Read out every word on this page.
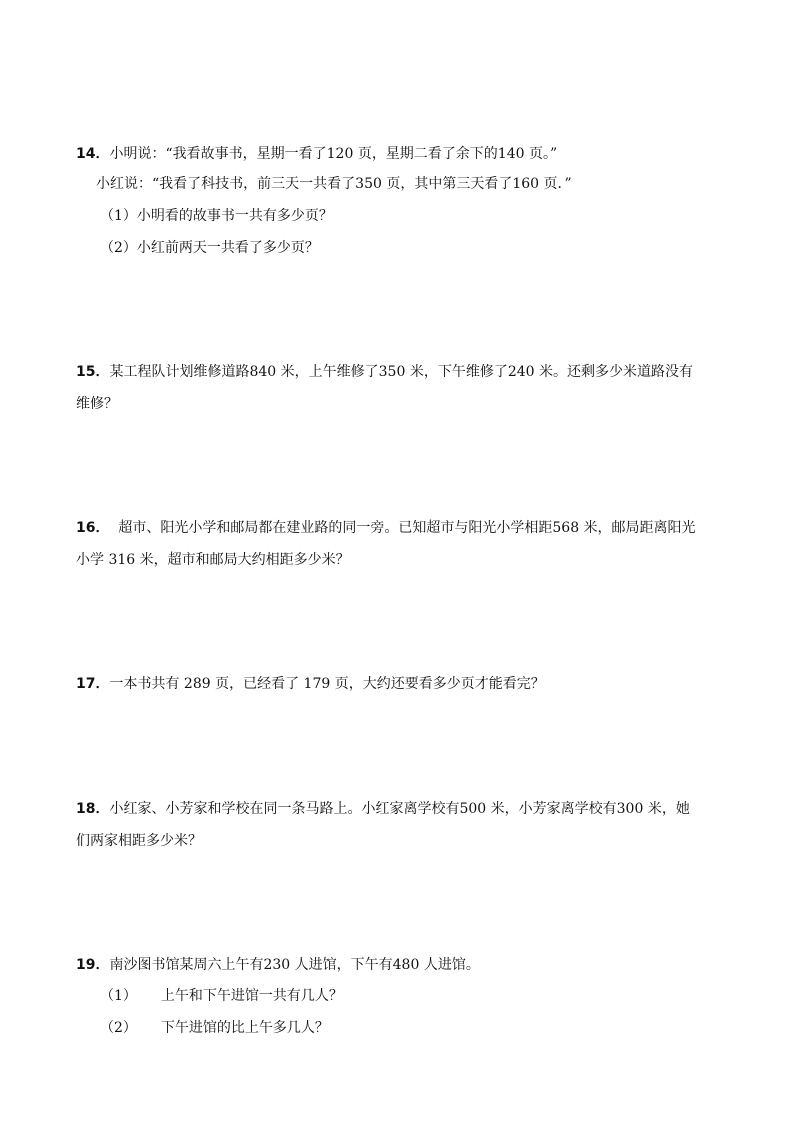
14．小明说：“我看故事书，星期一看了120 页，星期二看了余下的140 页。”
小红说：“我看了科技书，前三天一共看了350 页，其中第三天看了160 页．”
（1）小明看的故事书一共有多少页？
（2）小红前两天一共看了多少页？
15．某工程队计划维修道路840 米，上午维修了350 米，下午维修了240 米。还剩多少米道路没有
维修？
16．  超市、阳光小学和邮局都在建业路的同一旁。已知超市与阳光小学相距568 米，邮局距离阳光
小学 316 米，超市和邮局大约相距多少米？
17．一本书共有 289 页，已经看了 179 页，大约还要看多少页才能看完？
18．小红家、小芳家和学校在同一条马路上。小红家离学校有500 米，小芳家离学校有300 米，她
们两家相距多少米？
19．南沙图书馆某周六上午有230 人进馆，下午有480 人进馆。
（1） 上午和下午进馆一共有几人？
（2） 下午进馆的比上午多几人？
